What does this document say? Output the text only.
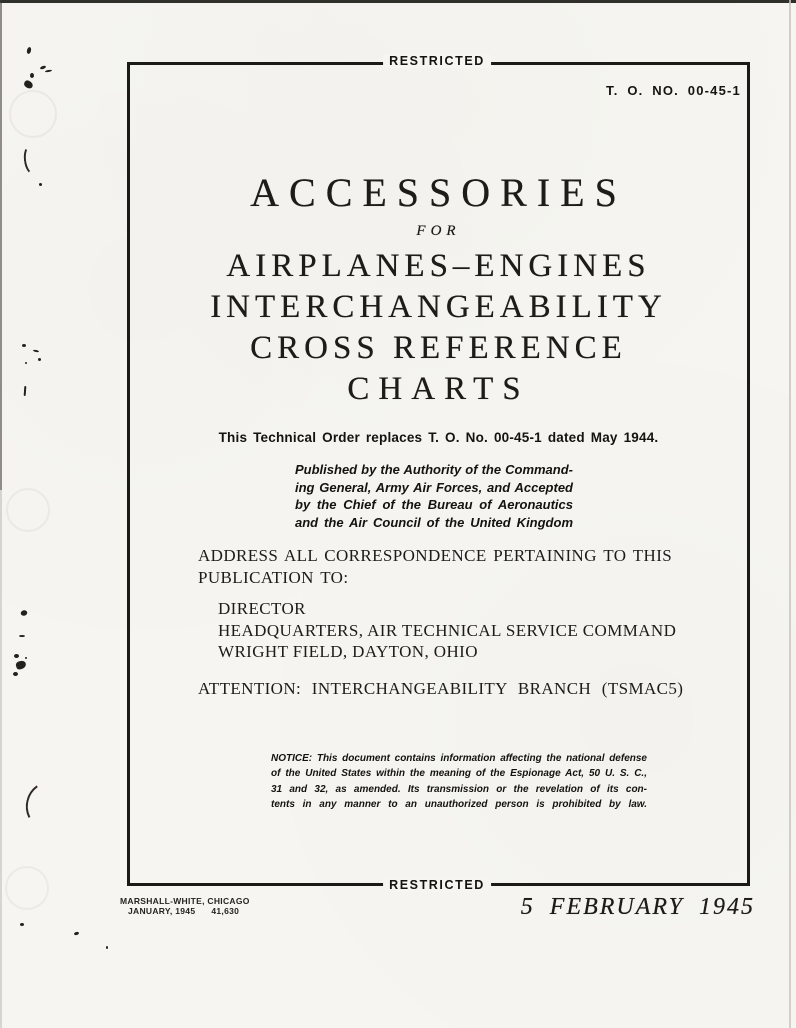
RESTRICTED
RESTRICTED
T. O. NO. 00-45-1
ACCESSORIES
FOR
AIRPLANES–ENGINES
INTERCHANGEABILITY
CROSS REFERENCE
CHARTS
This Technical Order replaces T. O. No. 00-45-1 dated May 1944.
Published by the Authority of the Command-
ing General, Army Air Forces, and Accepted
by the Chief of the Bureau of Aeronautics
and the Air Council of the United Kingdom
ADDRESS ALL CORRESPONDENCE PERTAINING TO THIS
PUBLICATION TO:
DIRECTOR
HEADQUARTERS, AIR TECHNICAL SERVICE COMMAND
WRIGHT FIELD, DAYTON, OHIO
ATTENTION: INTERCHANGEABILITY BRANCH (TSMAC5)
NOTICE: This document contains information affecting the national defense
of the United States within the meaning of the Espionage Act, 50 U. S. C.,
31 and 32, as amended. Its transmission or the revelation of its con-
tents in any manner to an unauthorized person is prohibited by law.
MARSHALL-WHITE, CHICAGO
JANUARY, 1945 41,630	5 FEBRUARY 1945
